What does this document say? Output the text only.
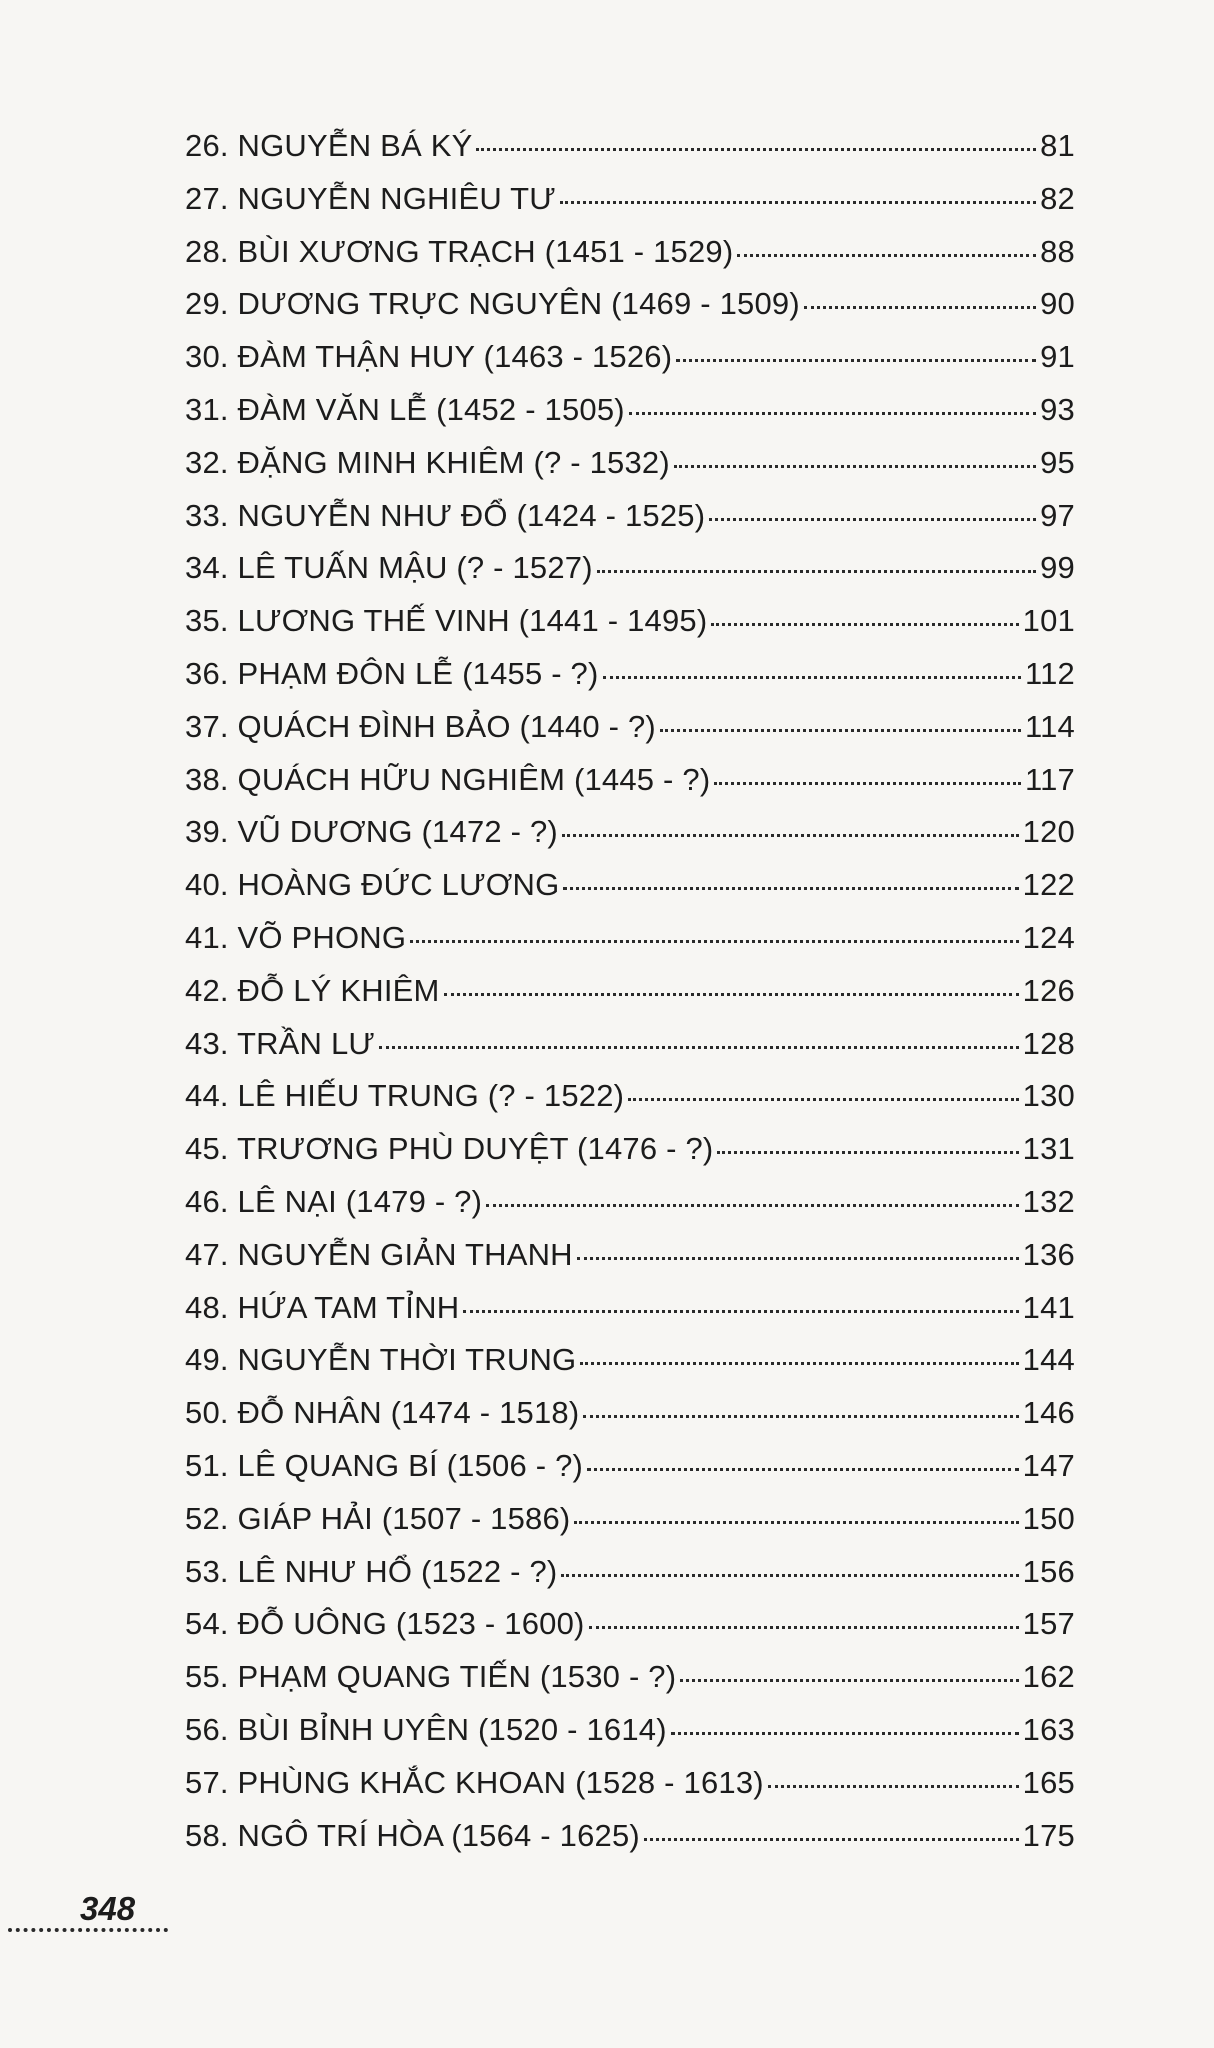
26. NGUYỄN BÁ KÝ	81
27. NGUYỄN NGHIÊU TƯ	82
28. BÙI XƯƠNG TRẠCH (1451 - 1529)	88
29. DƯƠNG TRỰC NGUYÊN (1469 - 1509)	90
30. ĐÀM THẬN HUY (1463 - 1526)	91
31. ĐÀM VĂN LỄ (1452 - 1505)	93
32. ĐẶNG MINH KHIÊM (? - 1532)	95
33. NGUYỄN NHƯ ĐỔ (1424 - 1525)	97
34. LÊ TUẤN MẬU (? - 1527)	99
35. LƯƠNG THẾ VINH (1441 - 1495)	101
36. PHẠM ĐÔN LỄ (1455 - ?)	112
37. QUÁCH ĐÌNH BẢO (1440 - ?)	114
38. QUÁCH HỮU NGHIÊM (1445 - ?)	117
39. VŨ DƯƠNG (1472 - ?)	120
40. HOÀNG ĐỨC LƯƠNG	122
41. VÕ PHONG	124
42. ĐỖ LÝ KHIÊM	126
43. TRẦN LƯ	128
44. LÊ HIẾU TRUNG (? - 1522)	130
45. TRƯƠNG PHÙ DUYỆT (1476 - ?)	131
46. LÊ NẠI (1479 - ?)	132
47. NGUYỄN GIẢN THANH	136
48. HỨA TAM TỈNH	141
49. NGUYỄN THỜI TRUNG	144
50. ĐỖ NHÂN (1474 - 1518)	146
51. LÊ QUANG BÍ (1506 - ?)	147
52. GIÁP HẢI (1507 - 1586)	150
53. LÊ NHƯ HỔ (1522 - ?)	156
54. ĐỖ UÔNG (1523 - 1600)	157
55. PHẠM QUANG TIẾN (1530 - ?)	162
56. BÙI BỈNH UYÊN (1520 - 1614)	163
57. PHÙNG KHẮC KHOAN (1528 - 1613)	165
58. NGÔ TRÍ HÒA (1564 - 1625)	175
348
